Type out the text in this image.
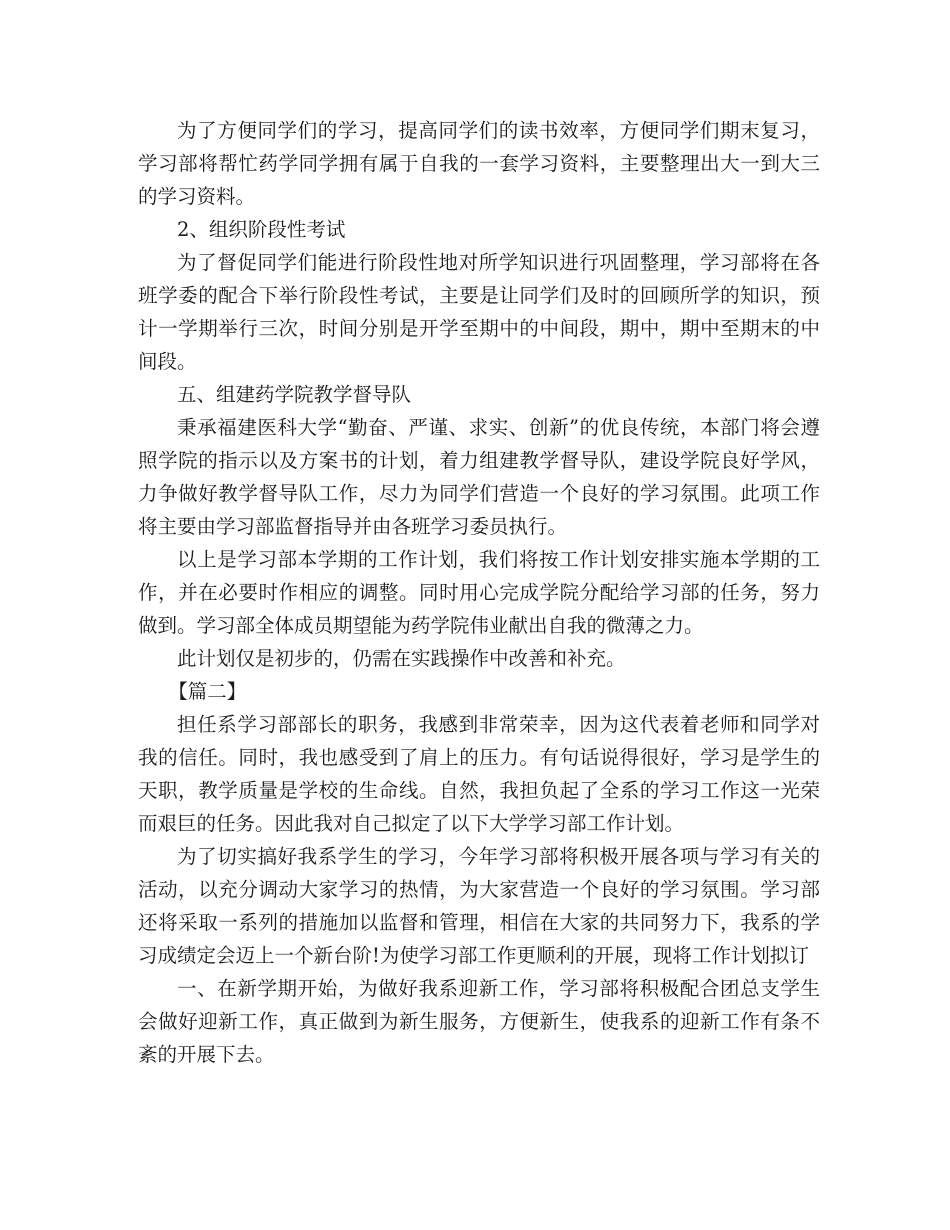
为了方便同学们的学习，提高同学们的读书效率，方便同学们期末复习，学习部将帮忙药学同学拥有属于自我的一套学习资料，主要整理出大一到大三的学习资料。

2、组织阶段性考试

为了督促同学们能进行阶段性地对所学知识进行巩固整理，学习部将在各班学委的配合下举行阶段性考试，主要是让同学们及时的回顾所学的知识，预计一学期举行三次，时间分别是开学至期中的中间段，期中，期中至期末的中间段。

五、组建药学院教学督导队

秉承福建医科大学“勤奋、严谨、求实、创新”的优良传统，本部门将会遵照学院的指示以及方案书的计划，着力组建教学督导队，建设学院良好学风，力争做好教学督导队工作，尽力为同学们营造一个良好的学习氛围。此项工作将主要由学习部监督指导并由各班学习委员执行。

以上是学习部本学期的工作计划，我们将按工作计划安排实施本学期的工作，并在必要时作相应的调整。同时用心完成学院分配给学习部的任务，努力做到。学习部全体成员期望能为药学院伟业献出自我的微薄之力。

此计划仅是初步的，仍需在实践操作中改善和补充。

【篇二】

担任系学习部部长的职务，我感到非常荣幸，因为这代表着老师和同学对我的信任。同时，我也感受到了肩上的压力。有句话说得很好，学习是学生的天职，教学质量是学校的生命线。自然，我担负起了全系的学习工作这一光荣而艰巨的任务。因此我对自己拟定了以下大学学习部工作计划。

为了切实搞好我系学生的学习，今年学习部将积极开展各项与学习有关的活动，以充分调动大家学习的热情，为大家营造一个良好的学习氛围。学习部还将采取一系列的措施加以监督和管理，相信在大家的共同努力下，我系的学习成绩定会迈上一个新台阶!为使学习部工作更顺利的开展，现将工作计划拟订

一、在新学期开始，为做好我系迎新工作，学习部将积极配合团总支学生会做好迎新工作，真正做到为新生服务，方便新生，使我系的迎新工作有条不紊的开展下去。
